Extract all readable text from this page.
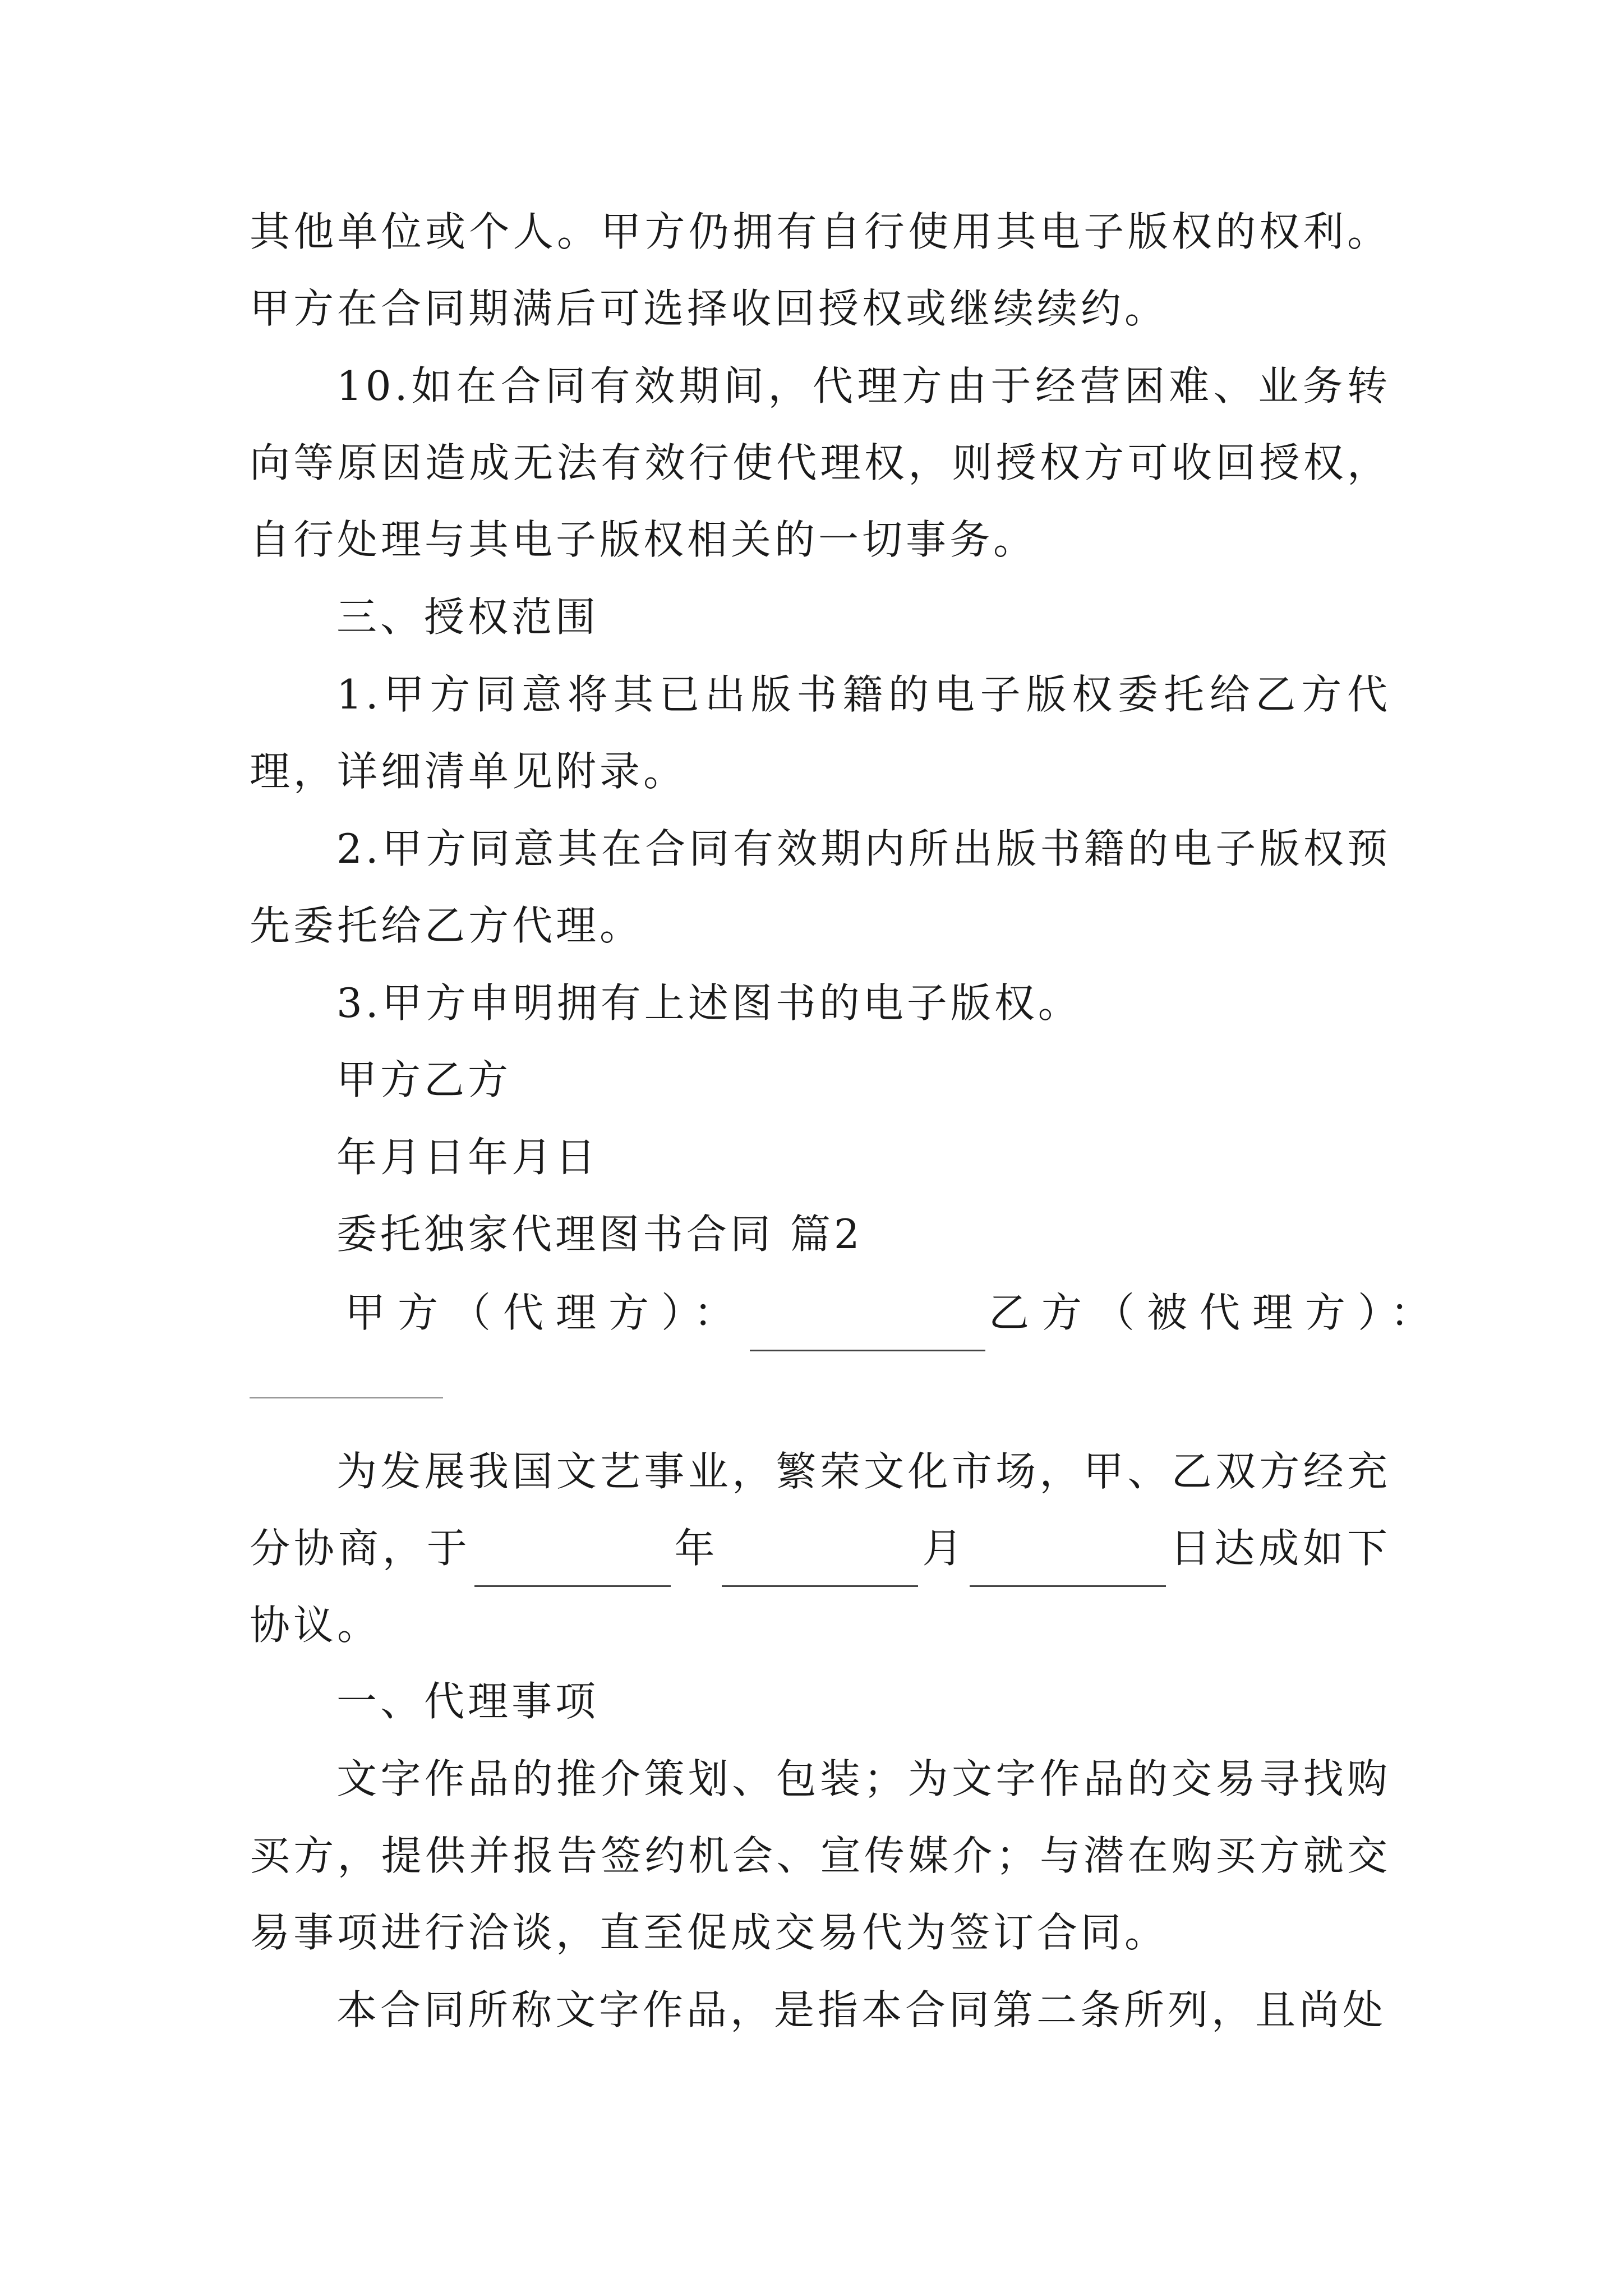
其他单位或个人。甲方仍拥有自行使用其电子版权的权利。甲方在合同期满后可选择收回授权或继续续约。

10.如在合同有效期间，代理方由于经营困难、业务转向等原因造成无法有效行使代理权，则授权方可收回授权，自行处理与其电子版权相关的一切事务。

三、授权范围

1.甲方同意将其已出版书籍的电子版权委托给乙方代理，详细清单见附录。

2.甲方同意其在合同有效期内所出版书籍的电子版权预先委托给乙方代理。

3.甲方申明拥有上述图书的电子版权。

甲方乙方

年月日年月日

委托独家代理图书合同 篇2

甲方（代理方）：	乙方（被代理方）：

为发展我国文艺事业，繁荣文化市场，甲、乙双方经充分协商，于	年	月	日达成如下协议。

一、代理事项

文字作品的推介策划、包装；为文字作品的交易寻找购买方，提供并报告签约机会、宣传媒介；与潜在购买方就交易事项进行洽谈，直至促成交易代为签订合同。

本合同所称文字作品，是指本合同第二条所列，且尚处
